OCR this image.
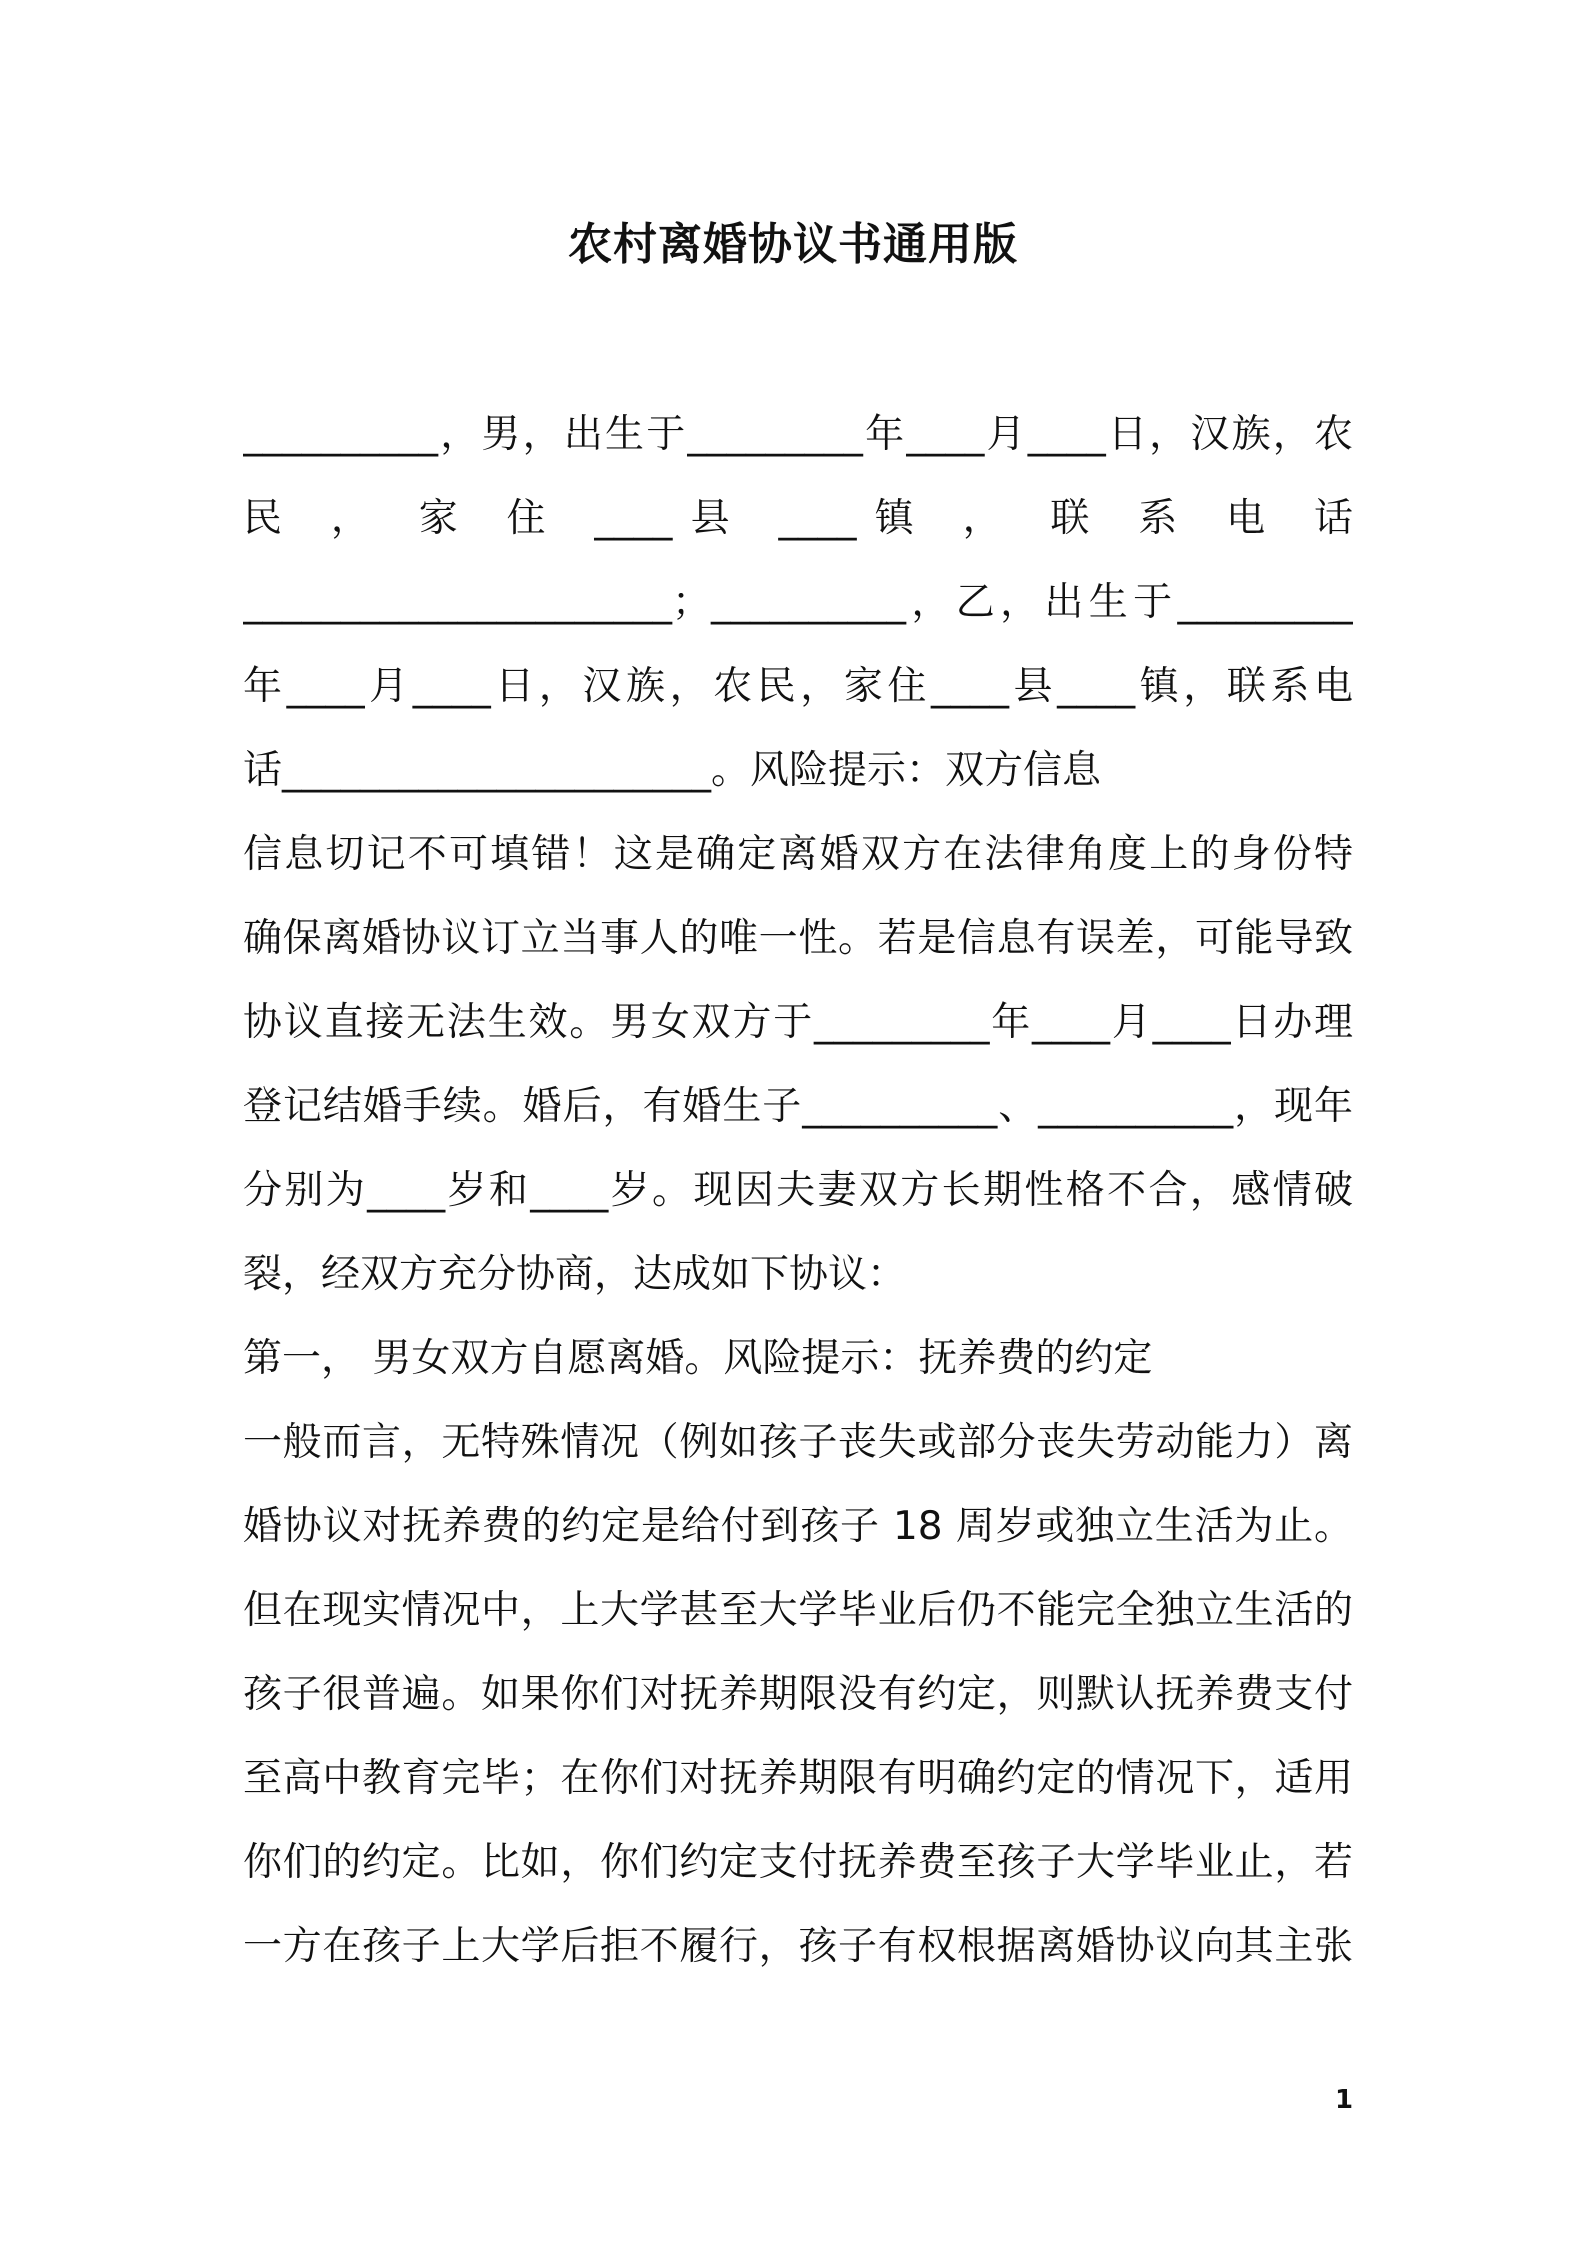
农村离婚协议书通用版
__________，男，出生于_________年____月____日，汉族，农
民 ， 家 住 ____县 ____镇 ， 联 系 电 话
______________________；__________，乙，出生于_________
年____月____日，汉族，农民，家住____县____镇，联系电
话______________________。风险提示：双方信息
信息切记不可填错！这是确定离婚双方在法律角度上的身份特
确保离婚协议订立当事人的唯一性。若是信息有误差，可能导致
协议直接无法生效。男女双方于_________年____月____日办理
登记结婚手续。婚后，有婚生子__________、__________，现年
分别为____岁和____岁。现因夫妻双方长期性格不合，感情破
裂，经双方充分协商，达成如下协议：
第一， 男女双方自愿离婚。风险提示：抚养费的约定
一般而言，无特殊情况（例如孩子丧失或部分丧失劳动能力）离
婚协议对抚养费的约定是给付到孩子 18 周岁或独立生活为止。
但在现实情况中，上大学甚至大学毕业后仍不能完全独立生活的
孩子很普遍。如果你们对抚养期限没有约定，则默认抚养费支付
至高中教育完毕；在你们对抚养期限有明确约定的情况下，适用
你们的约定。比如，你们约定支付抚养费至孩子大学毕业止，若
一方在孩子上大学后拒不履行，孩子有权根据离婚协议向其主张
1
